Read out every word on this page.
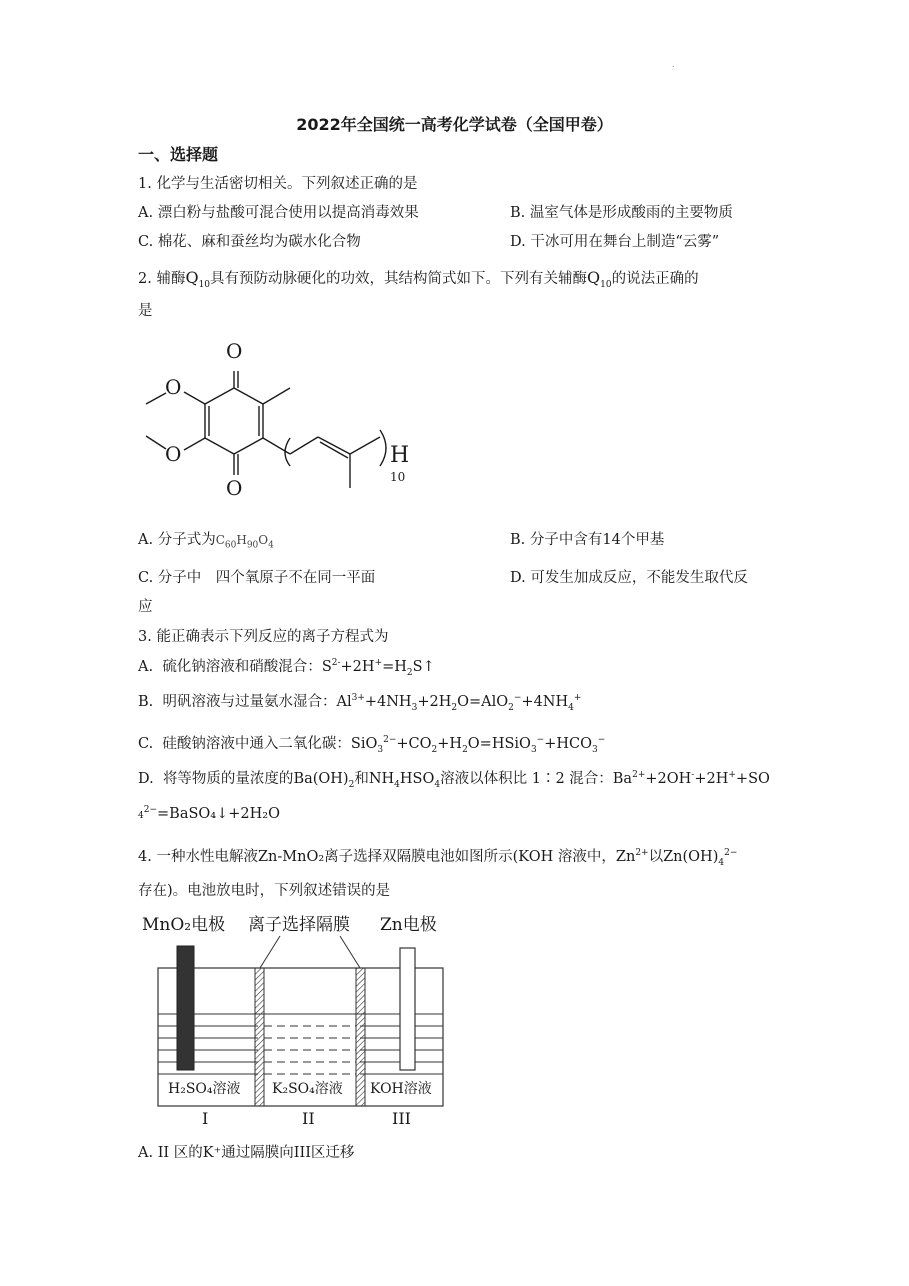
.
2022年全国统一高考化学试卷（全国甲卷）
一、选择题
1. 化学与生活密切相关。下列叙述正确的是
A. 漂白粉与盐酸可混合使用以提高消毒效果	B. 温室气体是形成酸雨的主要物质
C. 棉花、麻和蚕丝均为碳水化合物	D. 干冰可用在舞台上制造“云雾”
2. 辅酶$Q_{10}$具有预防动脉硬化的功效，其结构简式如下。下列有关辅酶$Q_{10}$的说法正确的
是
O
O
O
O	H
10
A. 分子式为$C_{60}H_{90}O_4$	B. 分子中含有14个甲基
C. 分子中　四个氧原子不在同一平面	D. 可发生加成反应，不能发生取代反
应
3. 能正确表示下列反应的离子方程式为
A. 硫化钠溶液和硝酸混合：$S^{2-}+2H^+=H_2S↑$
B. 明矾溶液与过量氨水湿合：$Al^{3+}+4NH_3+2H_2O=AlO_2^-+4NH_4^+$
C. 硅酸钠溶液中通入二氧化碳：$SiO_3^{2-}+CO_2+H_2O=HSiO_3^-+HCO_3^-$
D. 将等物质的量浓度的$Ba(OH)_2$和$NH_4HSO_4$溶液以体积比 1∶2 混合：$Ba^{2+}+2OH^-+2H^++SO$
$4^{2-}=BaSO_4↓+2H_2O$
4. 一种水性电解液Zn-MnO₂离子选择双隔膜电池如图所示(KOH 溶液中，$Zn^{2+}$以$Zn(OH)_4^{2-}$
存在)。电池放电时，下列叙述错误的是
MnO₂电极 离子选择隔膜 Zn电极
H₂SO₄溶液 K₂SO₄溶液 KOH溶液
I	II	III
A. II 区的K⁺通过隔膜向III区迁移
